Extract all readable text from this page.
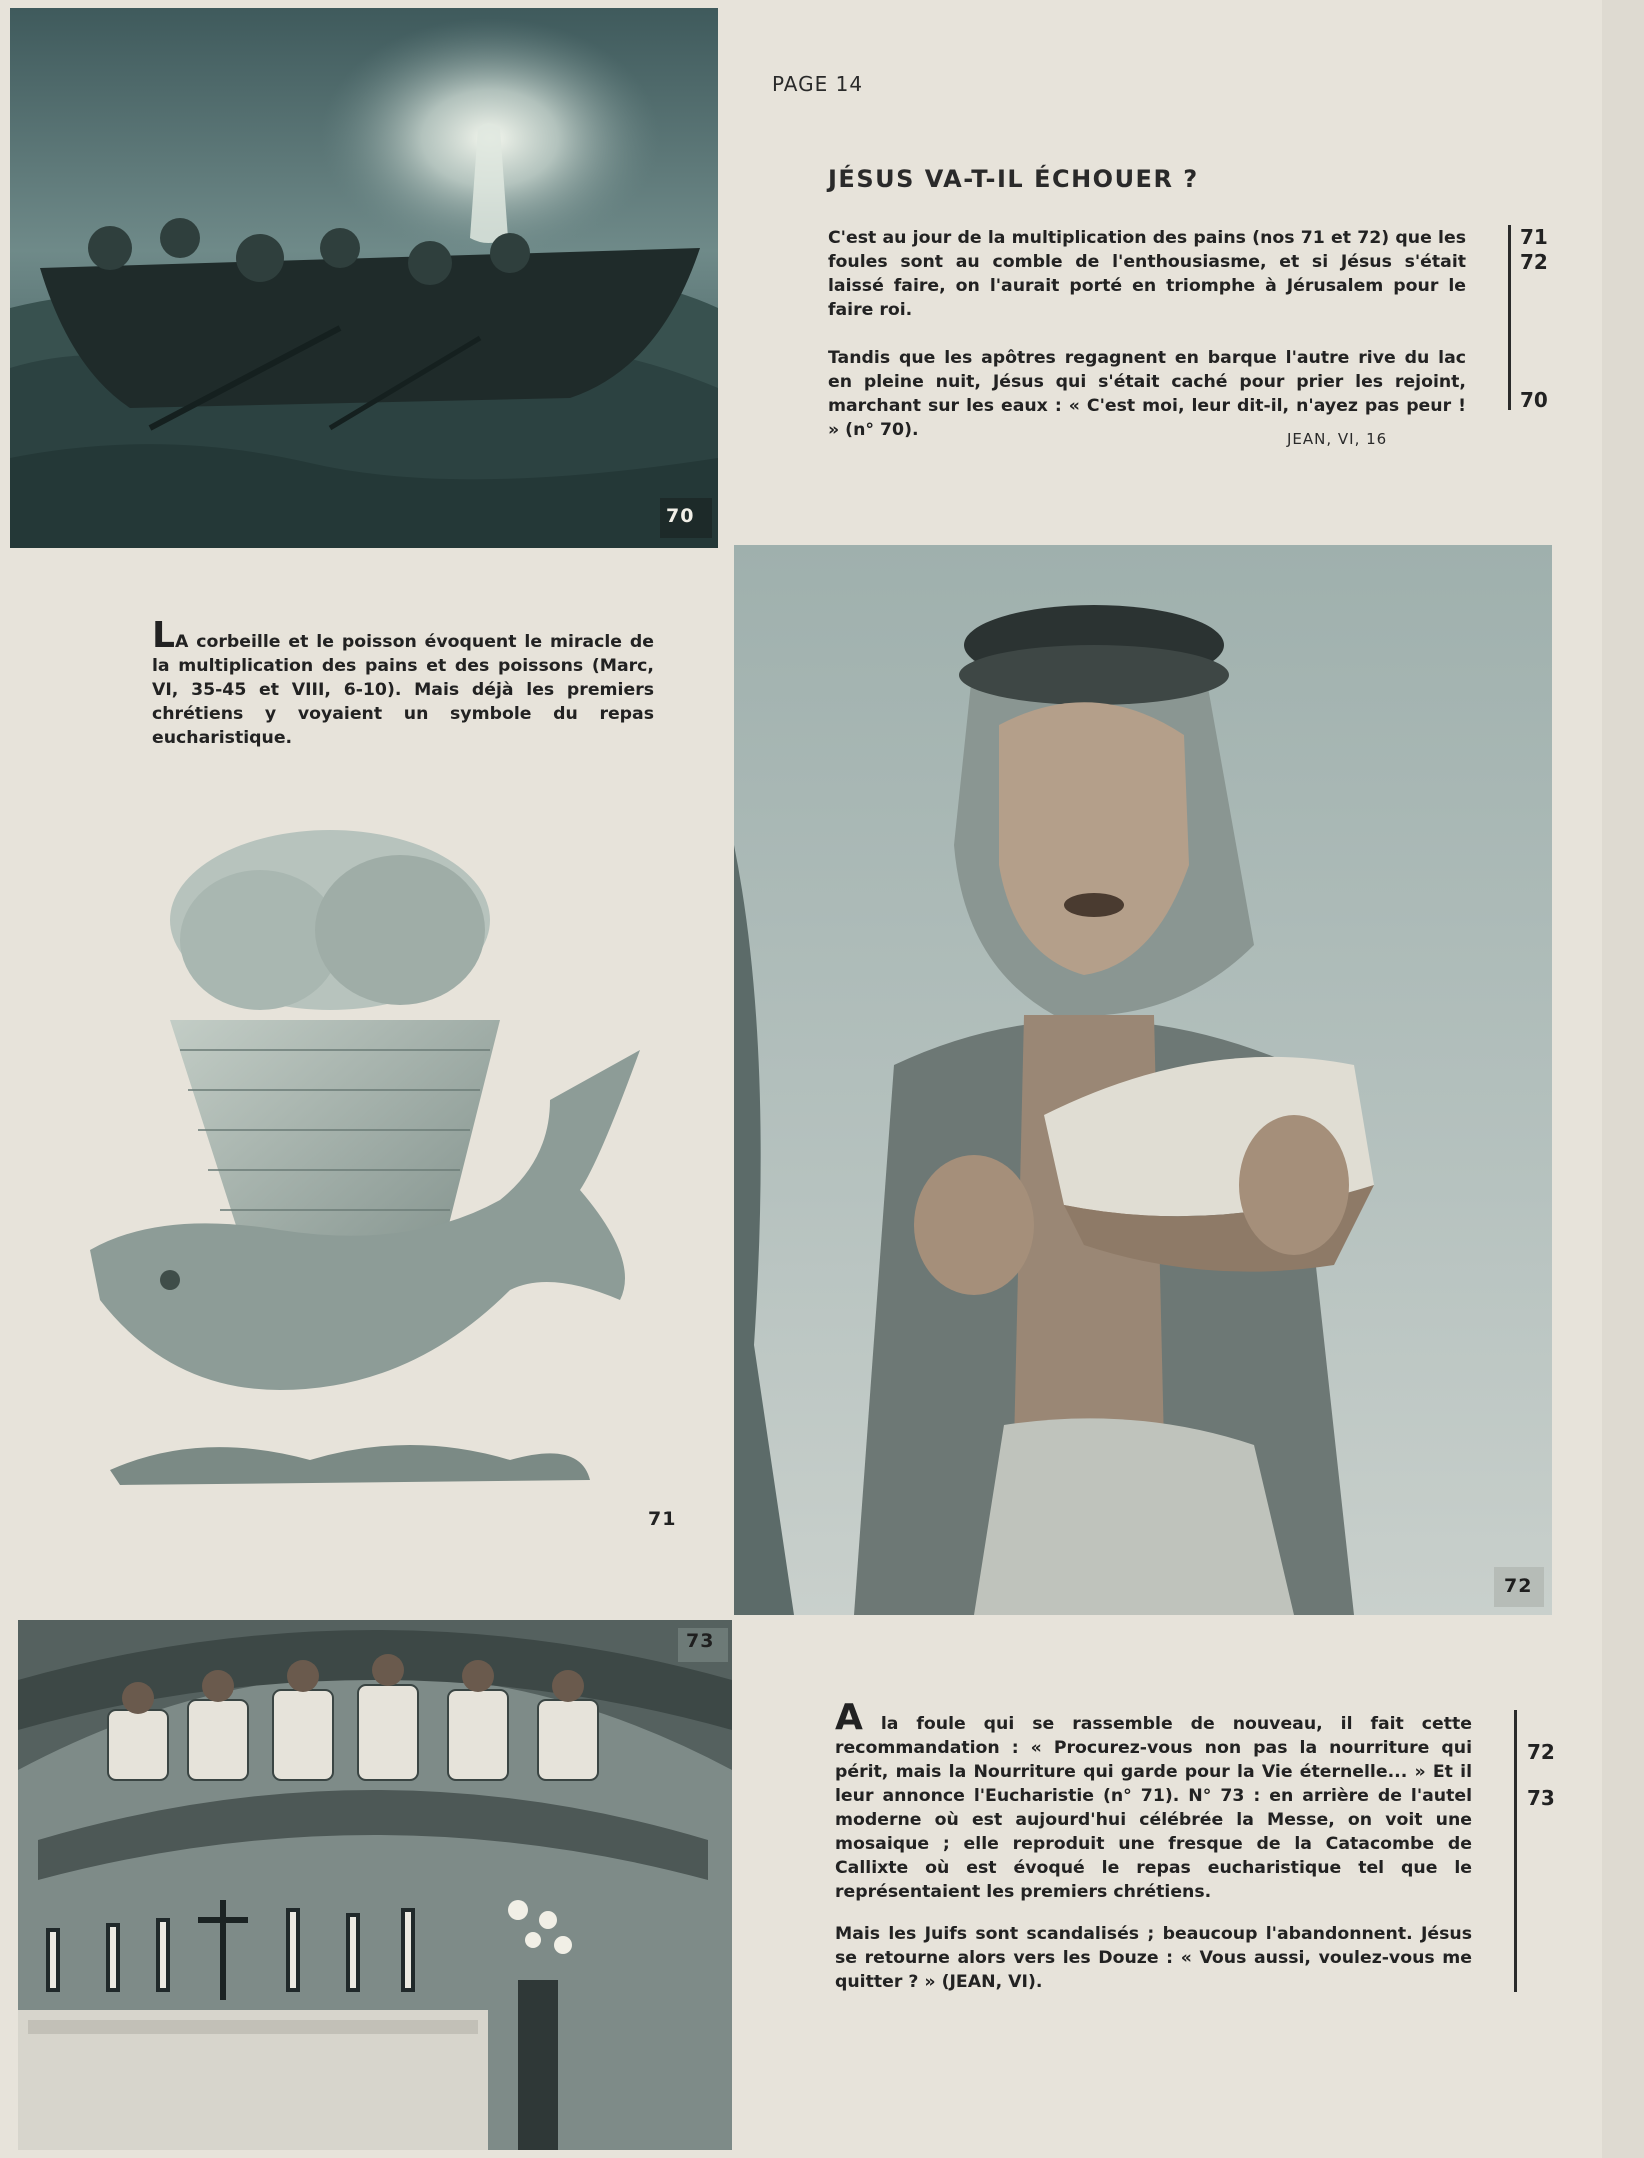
70
PAGE 14
JÉSUS VA-T-IL ÉCHOUER ?
C'est au jour de la multiplication des pains (nos 71 et 72) que les foules sont au comble de l'enthousiasme, et si Jésus s'était laissé faire, on l'aurait porté en triomphe à Jérusalem pour le faire roi.
Tandis que les apôtres regagnent en barque l'autre rive du lac en pleine nuit, Jésus qui s'était caché pour prier les rejoint, marchant sur les eaux : « C'est moi, leur dit-il, n'ayez pas peur ! » (n° 70).	JEAN, VI, 16
71
72
70
LA corbeille et le poisson évoquent le miracle de la multiplication des pains et des poissons (Marc, VI, 35-45 et VIII, 6-10). Mais déjà les premiers chrétiens y voyaient un symbole du repas eucharistique.
71
72
73
A la foule qui se rassemble de nouveau, il fait cette recommandation : « Procurez-vous non pas la nourriture qui périt, mais la Nourriture qui garde pour la Vie éternelle... » Et il leur annonce l'Eucharistie (n° 71). N° 73 : en arrière de l'autel moderne où est aujourd'hui célébrée la Messe, on voit une mosaique ; elle reproduit une fresque de la Catacombe de Callixte où est évoqué le repas eucharistique tel que le représentaient les premiers chrétiens.
Mais les Juifs sont scandalisés ; beaucoup l'abandonnent. Jésus se retourne alors vers les Douze : « Vous aussi, voulez-vous me quitter ? » (JEAN, VI).
72
73
